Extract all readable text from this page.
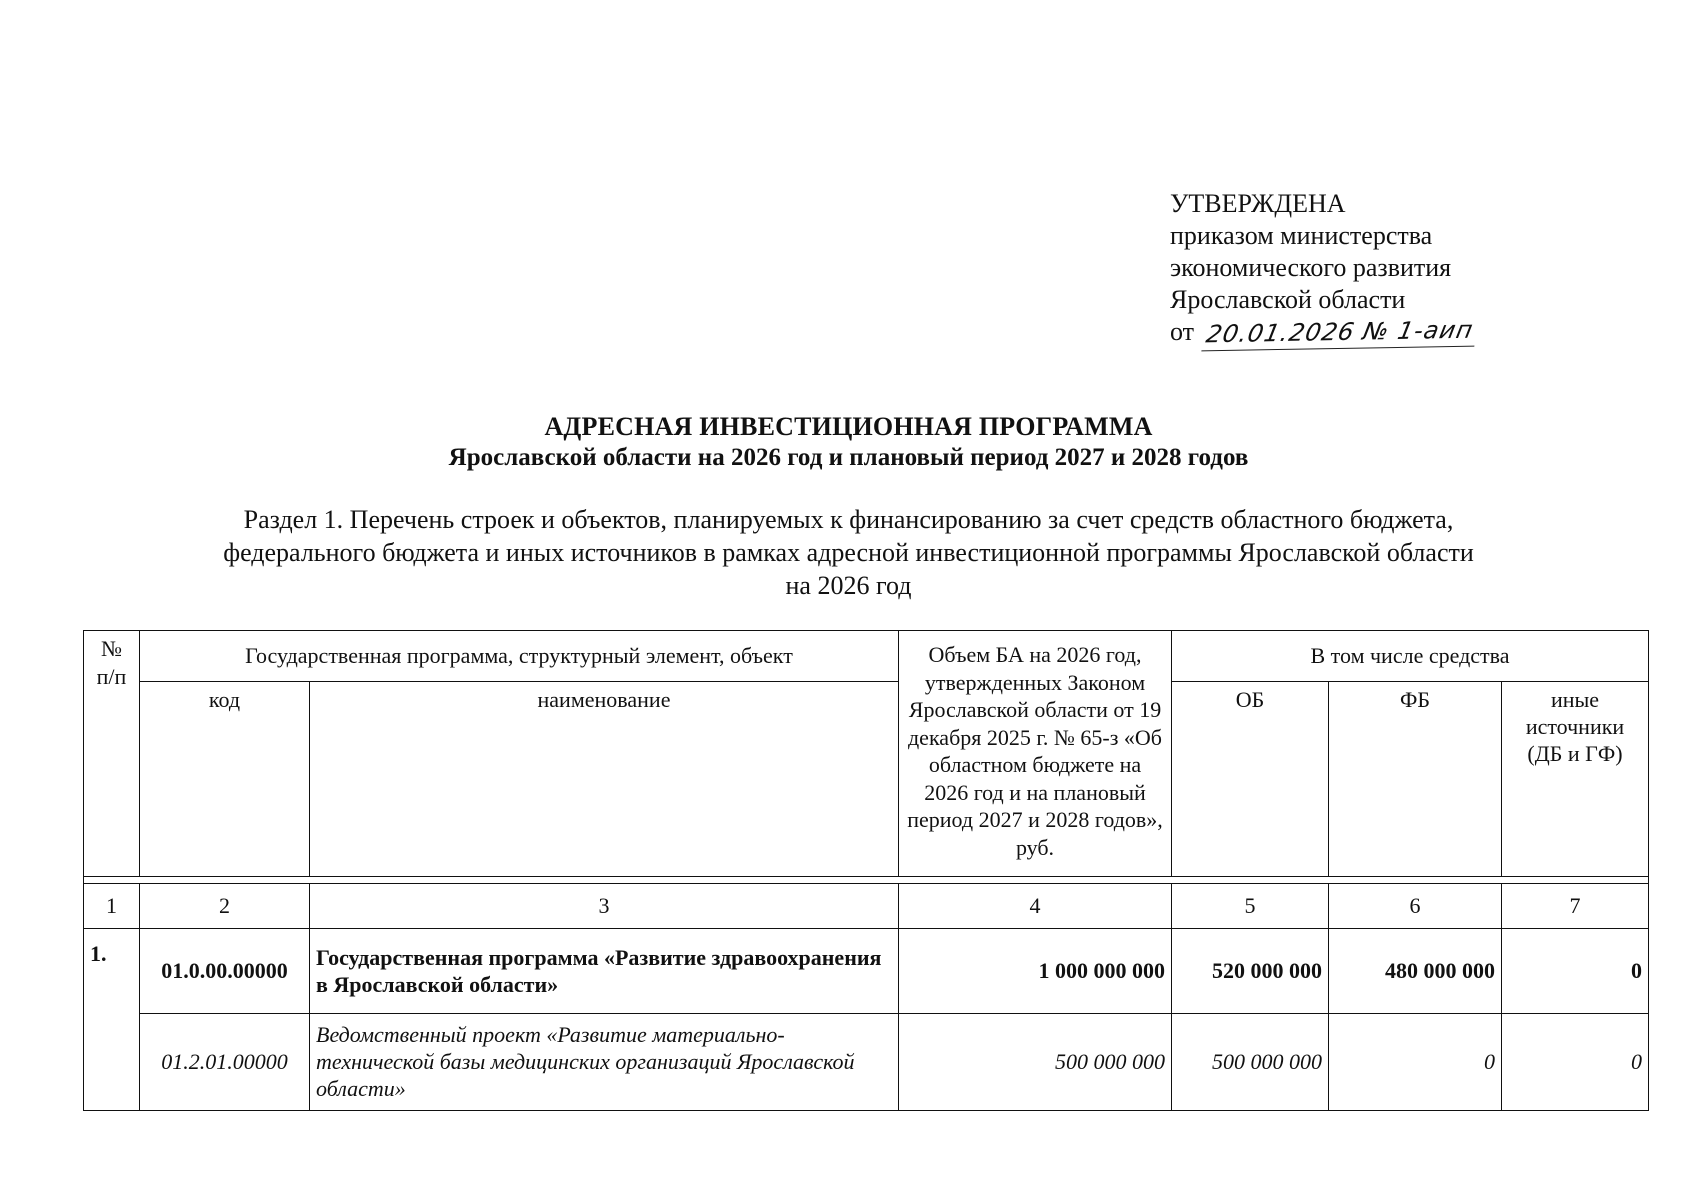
УТВЕРЖДЕНА
приказом министерства
экономического развития
Ярославской области
от 20.01.2026 № 1-аип
АДРЕСНАЯ ИНВЕСТИЦИОННАЯ ПРОГРАММА
Ярославской области на 2026 год и плановый период 2027 и 2028 годов
Раздел 1. Перечень строек и объектов, планируемых к финансированию за счет средств областного бюджета,
федерального бюджета и иных источников в рамках адресной инвестиционной программы Ярославской области
на 2026 год
№ п/п	Государственная программа, структурный элемент, объект		Объем БА на 2026 год, утвержденных Законом Ярославской области от 19 декабря 2025 г. № 65-з «Об областном бюджете на 2026 год и на плановый период 2027 и 2028 годов», руб.	В том числе средства		
	код	наименование		ОБ	ФБ	иные источники (ДБ и ГФ)

1	2	3	4	5	6	7
1.	01.0.00.00000	Государственная программа «Развитие здравоохранения в Ярославской области»	1 000 000 000	520 000 000	480 000 000	0
	01.2.01.00000	Ведомственный проект «Развитие материально-технической базы медицинских организаций Ярославской области»	500 000 000	500 000 000	0	0
